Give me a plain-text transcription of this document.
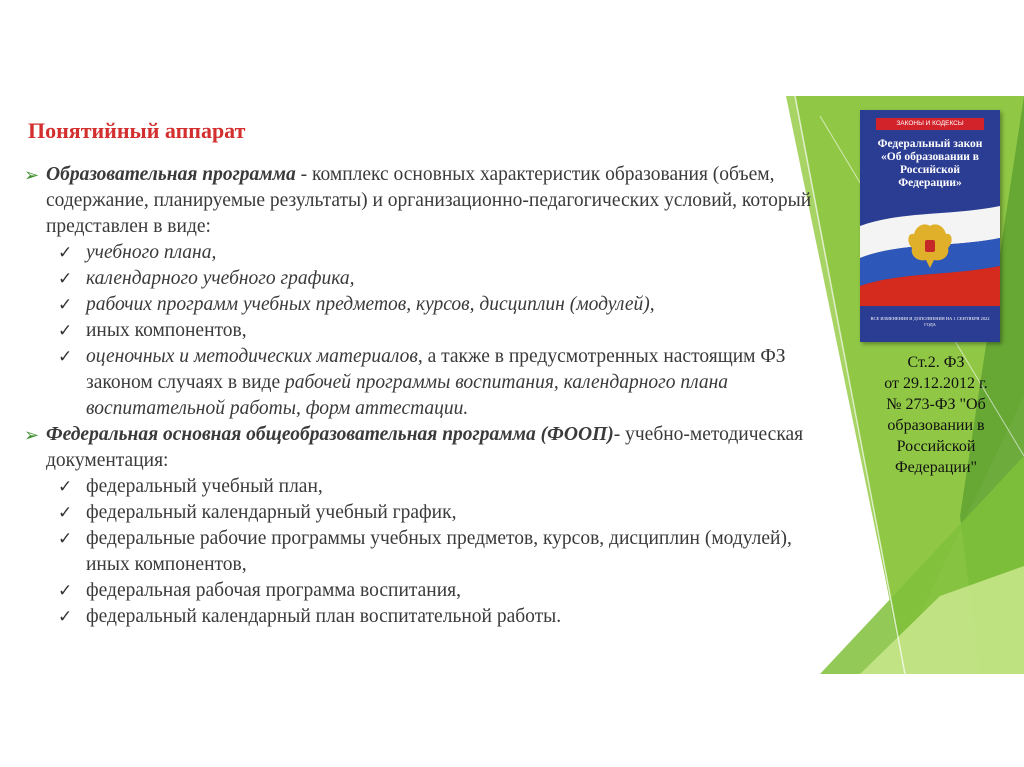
Понятийный аппарат
➢ Образовательная программа - комплекс основных характеристик образования (объем, содержание, планируемые результаты) и организационно-педагогических условий, который представлен в виде:
✓ учебного плана,
✓ календарного учебного графика,
✓ рабочих программ учебных предметов, курсов, дисциплин (модулей),
✓ иных компонентов,
✓ оценочных и методических материалов, а также в предусмотренных настоящим ФЗ законом случаях в виде рабочей программы воспитания, календарного плана воспитательной работы, форм аттестации.
➢ Федеральная основная общеобразовательная программа (ФООП)- учебно-методическая документация:
✓ федеральный учебный план,
✓ федеральный календарный учебный график,
✓ федеральные рабочие программы учебных предметов, курсов, дисциплин (модулей), иных компонентов,
✓ федеральная рабочая программа воспитания,
✓ федеральный календарный план воспитательной работы.
ЗАКОНЫ И КОДЕКСЫ
Федеральный закон «Об образовании в Российской Федерации»
ВСЕ ИЗМЕНЕНИЯ И ДОПОЛНЕНИЯ НА 1 СЕНТЯБРЯ 2022 ГОДА
Ст.2. ФЗ
от 29.12.2012 г.
№ 273-ФЗ "Об
образовании в
Российской
Федерации"
